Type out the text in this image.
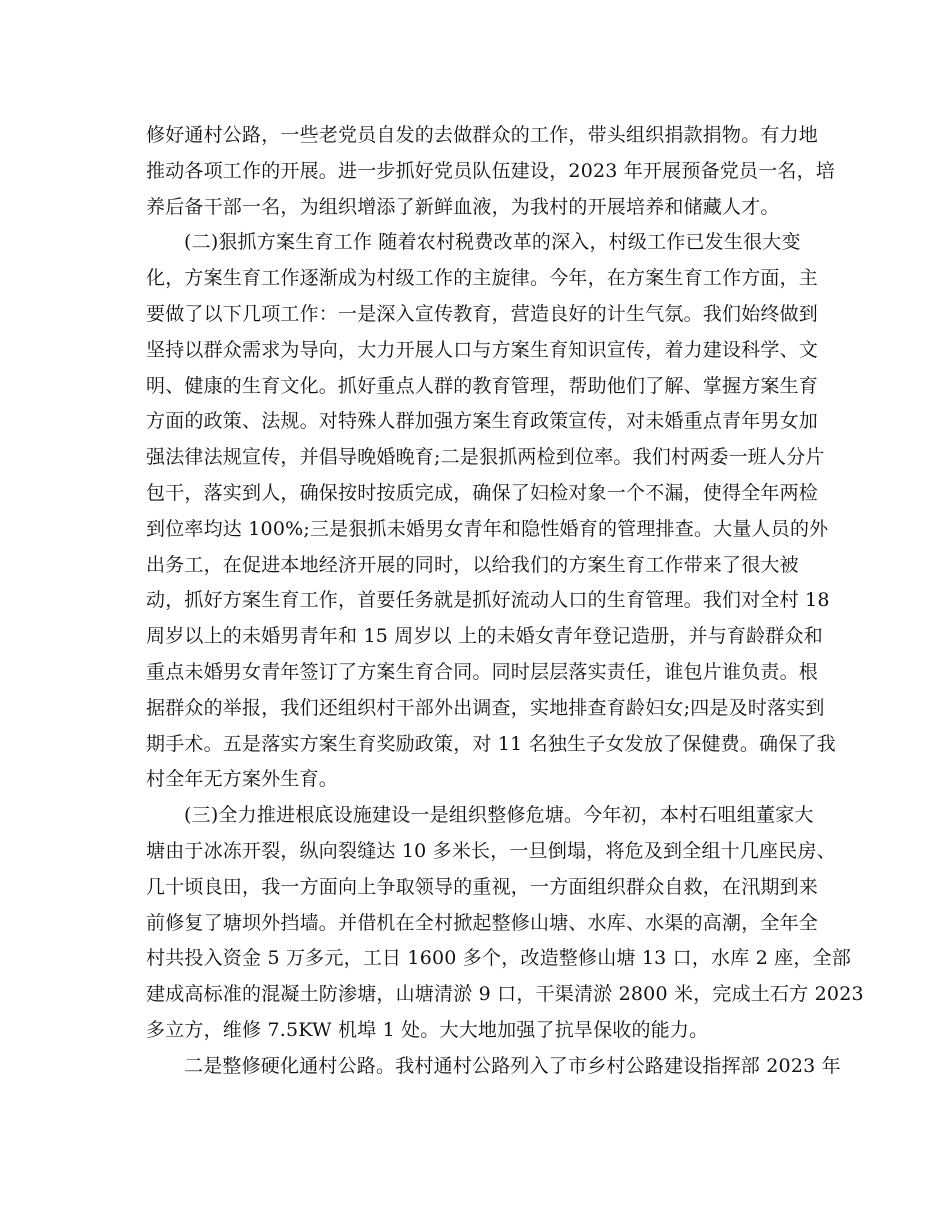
修好通村公路，一些老党员自发的去做群众的工作，带头组织捐款捐物。有力地
推动各项工作的开展。进一步抓好党员队伍建设，2023 年开展预备党员一名，培
养后备干部一名，为组织增添了新鲜血液，为我村的开展培养和储藏人才。
(二)狠抓方案生育工作 随着农村税费改革的深入，村级工作已发生很大变
化，方案生育工作逐渐成为村级工作的主旋律。今年，在方案生育工作方面，主
要做了以下几项工作：一是深入宣传教育，营造良好的计生气氛。我们始终做到
坚持以群众需求为导向，大力开展人口与方案生育知识宣传，着力建设科学、文
明、健康的生育文化。抓好重点人群的教育管理，帮助他们了解、掌握方案生育
方面的政策、法规。对特殊人群加强方案生育政策宣传，对未婚重点青年男女加
强法律法规宣传，并倡导晚婚晚育;二是狠抓两检到位率。我们村两委一班人分片
包干，落实到人，确保按时按质完成，确保了妇检对象一个不漏，使得全年两检
到位率均达 100%;三是狠抓未婚男女青年和隐性婚育的管理排查。大量人员的外
出务工，在促进本地经济开展的同时，以给我们的方案生育工作带来了很大被
动，抓好方案生育工作，首要任务就是抓好流动人口的生育管理。我们对全村 18
周岁以上的未婚男青年和 15 周岁以 上的未婚女青年登记造册，并与育龄群众和
重点未婚男女青年签订了方案生育合同。同时层层落实责任，谁包片谁负责。根
据群众的举报，我们还组织村干部外出调查，实地排查育龄妇女;四是及时落实到
期手术。五是落实方案生育奖励政策，对 11 名独生子女发放了保健费。确保了我
村全年无方案外生育。
(三)全力推进根底设施建设一是组织整修危塘。今年初，本村石咀组董家大
塘由于冰冻开裂，纵向裂缝达 10 多米长，一旦倒塌，将危及到全组十几座民房、
几十顷良田，我一方面向上争取领导的重视，一方面组织群众自救，在汛期到来
前修复了塘坝外挡墙。并借机在全村掀起整修山塘、水库、水渠的高潮，全年全
村共投入资金 5 万多元，工日 1600 多个，改造整修山塘 13 口，水库 2 座，全部
建成高标准的混凝土防渗塘，山塘清淤 9 口，干渠清淤 2800 米，完成土石方 2023
多立方，维修 7.5KW 机埠 1 处。大大地加强了抗旱保收的能力。
二是整修硬化通村公路。我村通村公路列入了市乡村公路建设指挥部 2023 年
